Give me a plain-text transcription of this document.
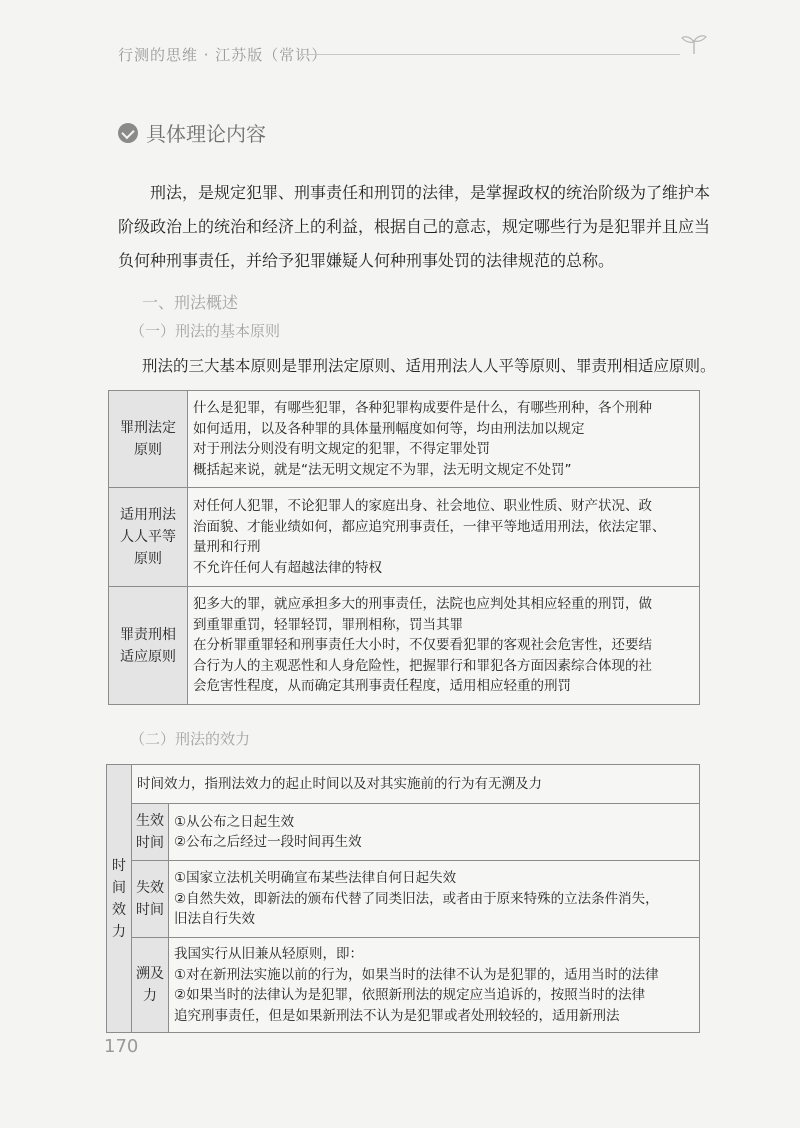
行测的思维 · 江苏版（常识）
具体理论内容

刑法，是规定犯罪、刑事责任和刑罚的法律，是掌握政权的统治阶级为了维护本阶级政治上的统治和经济上的利益，根据自己的意志，规定哪些行为是犯罪并且应当负何种刑事责任，并给予犯罪嫌疑人何种刑事处罚的法律规范的总称。

一、刑法概述
（一）刑法的基本原则
刑法的三大基本原则是罪刑法定原则、适用刑法人人平等原则、罪责刑相适应原则。
罪刑法定原则	什么是犯罪，有哪些犯罪，各种犯罪构成要件是什么，有哪些刑种，各个刑种
如何适用，以及各种罪的具体量刑幅度如何等，均由刑法加以规定
对于刑法分则没有明文规定的犯罪，不得定罪处罚
概括起来说，就是“法无明文规定不为罪，法无明文规定不处罚”

适用刑法人人平等原则	对任何人犯罪，不论犯罪人的家庭出身、社会地位、职业性质、财产状况、政
治面貌、才能业绩如何，都应追究刑事责任，一律平等地适用刑法，依法定罪、
量刑和行刑
不允许任何人有超越法律的特权

罪责刑相适应原则	犯多大的罪，就应承担多大的刑事责任，法院也应判处其相应轻重的刑罚，做
到重罪重罚，轻罪轻罚，罪刑相称，罚当其罪
在分析罪重罪轻和刑事责任大小时，不仅要看犯罪的客观社会危害性，还要结
合行为人的主观恶性和人身危险性，把握罪行和罪犯各方面因素综合体现的社
会危害性程度，从而确定其刑事责任程度，适用相应轻重的刑罚
（二）刑法的效力
时间效力	时间效力，指刑法效力的起止时间以及对其实施前的行为有无溯及力	
	生效时间	①从公布之日起生效
②公布之后经过一段时间再生效

	失效时间	①国家立法机关明确宣布某些法律自何日起失效
②自然失效，即新法的颁布代替了同类旧法，或者由于原来特殊的立法条件消失，
旧法自行失效

	溯及力	我国实行从旧兼从轻原则，即：
①对在新刑法实施以前的行为，如果当时的法律不认为是犯罪的，适用当时的法律
②如果当时的法律认为是犯罪，依照新刑法的规定应当追诉的，按照当时的法律
追究刑事责任，但是如果新刑法不认为是犯罪或者处刑较轻的，适用新刑法
170
